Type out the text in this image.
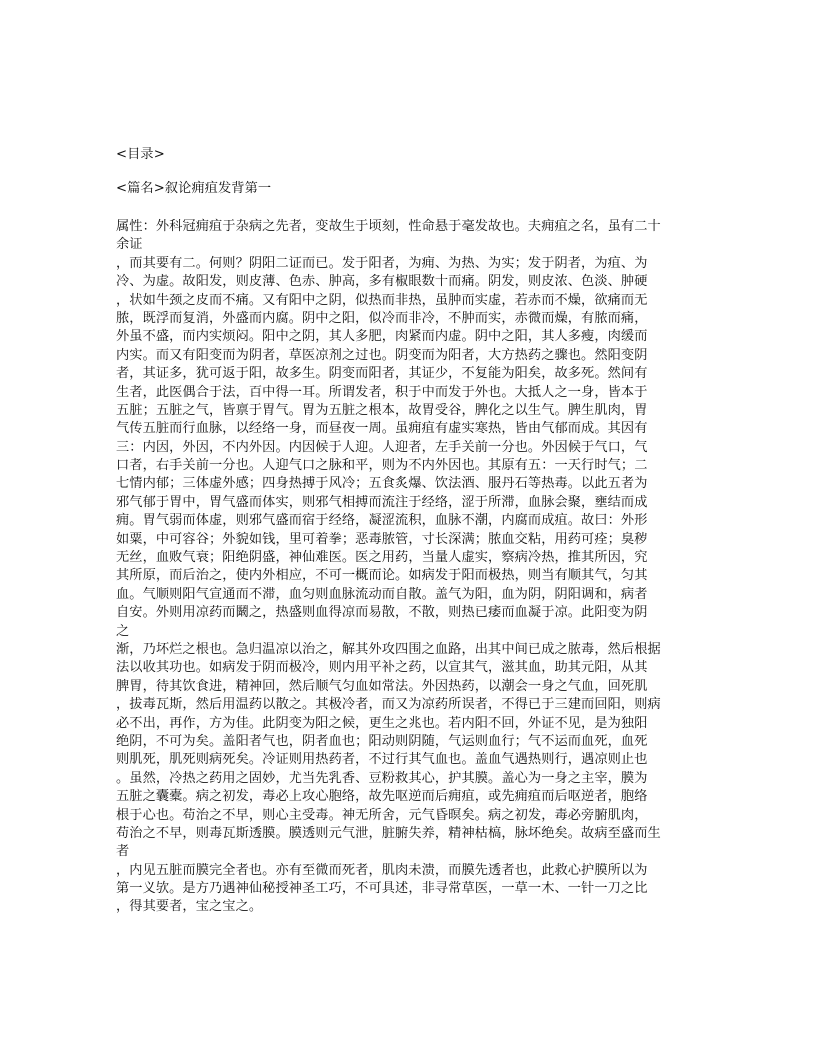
<目录>
<篇名>叙论痈疽发背第一
属性：外科冠痈疽于杂病之先者，变故生于顷刻，性命悬于毫发故也。夫痈疽之名，虽有二十
余证
，而其要有二。何则？阴阳二证而已。发于阳者，为痈、为热、为实；发于阴者，为疽、为
冷、为虚。故阳发，则皮薄、色赤、肿高，多有椒眼数十而痛。阴发，则皮浓、色淡、肿硬
，状如牛颈之皮而不痛。又有阳中之阴，似热而非热，虽肿而实虚，若赤而不燥，欲痛而无
脓，既浮而复消，外盛而内腐。阴中之阳，似冷而非冷，不肿而实，赤微而燥，有脓而痛，
外虽不盛，而内实烦闷。阳中之阴，其人多肥，肉紧而内虚。阴中之阳，其人多瘦，肉缓而
内实。而又有阳变而为阴者，草医凉剂之过也。阴变而为阳者，大方热药之骤也。然阳变阴
者，其证多，犹可返于阳，故多生。阴变而阳者，其证少，不复能为阳矣，故多死。然间有
生者，此医偶合于法，百中得一耳。所谓发者，积于中而发于外也。大抵人之一身，皆本于
五脏；五脏之气，皆禀于胃气。胃为五脏之根本，故胃受谷，脾化之以生气。脾生肌肉，胃
气传五脏而行血脉，以经络一身，而昼夜一周。虽痈疽有虚实寒热，皆由气郁而成。其因有
三：内因，外因，不内外因。内因候于人迎。人迎者，左手关前一分也。外因候于气口，气
口者，右手关前一分也。人迎气口之脉和平，则为不内外因也。其原有五：一天行时气；二
七情内郁；三体虚外感；四身热搏于风冷；五食炙爆、饮法酒、服丹石等热毒。以此五者为
邪气郁于胃中，胃气盛而体实，则邪气相搏而流注于经络，涩于所滞，血脉会聚，壅结而成
痈。胃气弱而体虚，则邪气盛而宿于经络，凝涩流积，血脉不潮，内腐而成疽。故曰：外形
如粟，中可容谷；外貌如钱，里可着拳；恶毒脓管，寸长深满；脓血交粘，用药可痊；臭秽
无丝，血败气衰；阳绝阴盛，神仙难医。医之用药，当量人虚实，察病冷热，推其所因，究
其所原，而后治之，使内外相应，不可一概而论。如病发于阳而极热，则当有顺其气，匀其
血。气顺则阳气宣通而不滞，血匀则血脉流动而自散。盖气为阳，血为阴，阴阳调和，病者
自安。外则用凉药而鬫之，热盛则血得凉而易散，不散，则热已痿而血凝于凉。此阳变为阴
之
渐，乃坏烂之根也。急归温凉以治之，解其外攻四围之血路，出其中间已成之脓毒，然后根据
法以收其功也。如病发于阴而极冷，则内用平补之药，以宣其气，滋其血，助其元阳，从其
脾胃，待其饮食进，精神回，然后顺气匀血如常法。外因热药，以潮会一身之气血，回死肌
，拔毒瓦斯，然后用温药以散之。其极冷者，而又为凉药所误者，不得已于三建而回阳，则病
必不出，再作，方为佳。此阴变为阳之候，更生之兆也。若内阳不回，外证不见，是为独阳
绝阴，不可为矣。盖阳者气也，阴者血也；阳动则阴随，气运则血行；气不运而血死，血死
则肌死，肌死则病死矣。冷证则用热药者，不过行其气血也。盖血气遇热则行，遇凉则止也
。虽然，冷热之药用之固妙，尤当先乳香、豆粉救其心，护其膜。盖心为一身之主宰，膜为
五脏之囊橐。病之初发，毒必上攻心胞络，故先呕逆而后痈疽，或先痈疽而后呕逆者，胞络
根于心也。苟治之不早，则心主受毒。神无所舍，元气昏暝矣。病之初发，毒必旁腑肌肉，
苟治之不早，则毒瓦斯透膜。膜透则元气泄，脏腑失养，精神枯槁，脉坏绝矣。故病至盛而生
者
，内见五脏而膜完全者也。亦有至微而死者，肌肉未溃，而膜先透者也，此救心护膜所以为
第一义欤。是方乃遇神仙秘授神圣工巧，不可具述，非寻常草医，一草一木、一针一刀之比
，得其要者，宝之宝之。
